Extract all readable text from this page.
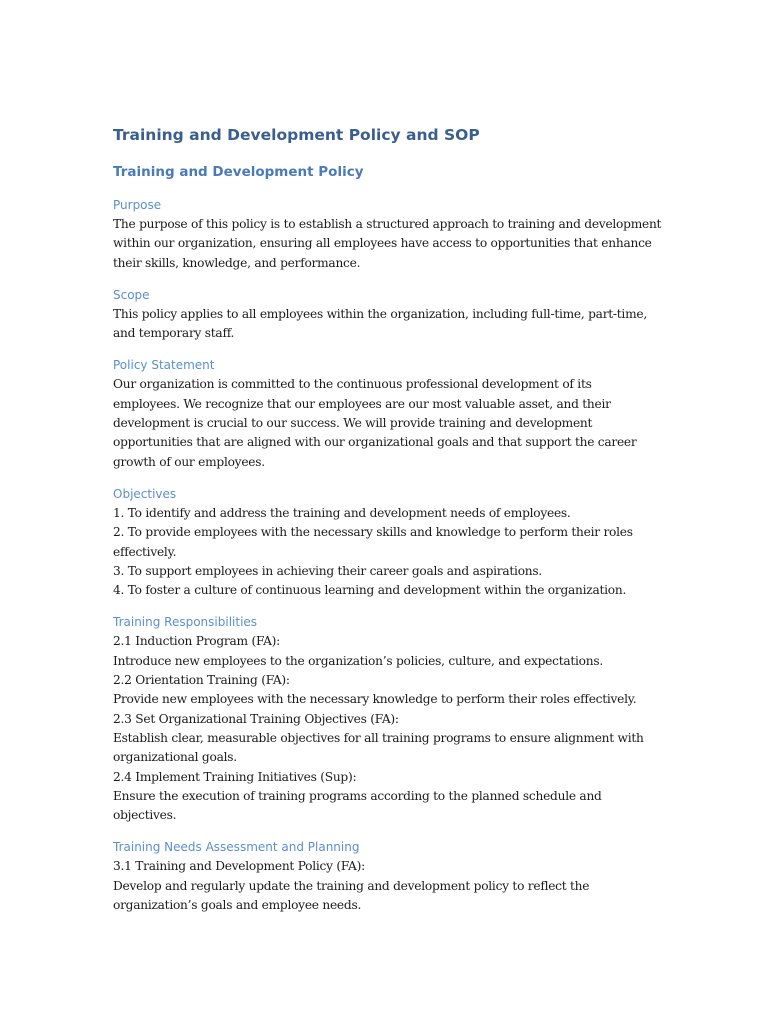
Training and Development Policy and SOP
Training and Development Policy
Purpose
The purpose of this policy is to establish a structured approach to training and development
within our organization, ensuring all employees have access to opportunities that enhance
their skills, knowledge, and performance.
Scope
This policy applies to all employees within the organization, including full-time, part-time,
and temporary staff.
Policy Statement
Our organization is committed to the continuous professional development of its
employees. We recognize that our employees are our most valuable asset, and their
development is crucial to our success. We will provide training and development
opportunities that are aligned with our organizational goals and that support the career
growth of our employees.
Objectives
1. To identify and address the training and development needs of employees.
2. To provide employees with the necessary skills and knowledge to perform their roles
effectively.
3. To support employees in achieving their career goals and aspirations.
4. To foster a culture of continuous learning and development within the organization.
Training Responsibilities
2.1 Induction Program (FA):
Introduce new employees to the organization’s policies, culture, and expectations.
2.2 Orientation Training (FA):
Provide new employees with the necessary knowledge to perform their roles effectively.
2.3 Set Organizational Training Objectives (FA):
Establish clear, measurable objectives for all training programs to ensure alignment with
organizational goals.
2.4 Implement Training Initiatives (Sup):
Ensure the execution of training programs according to the planned schedule and
objectives.
Training Needs Assessment and Planning
3.1 Training and Development Policy (FA):
Develop and regularly update the training and development policy to reflect the
organization’s goals and employee needs.
